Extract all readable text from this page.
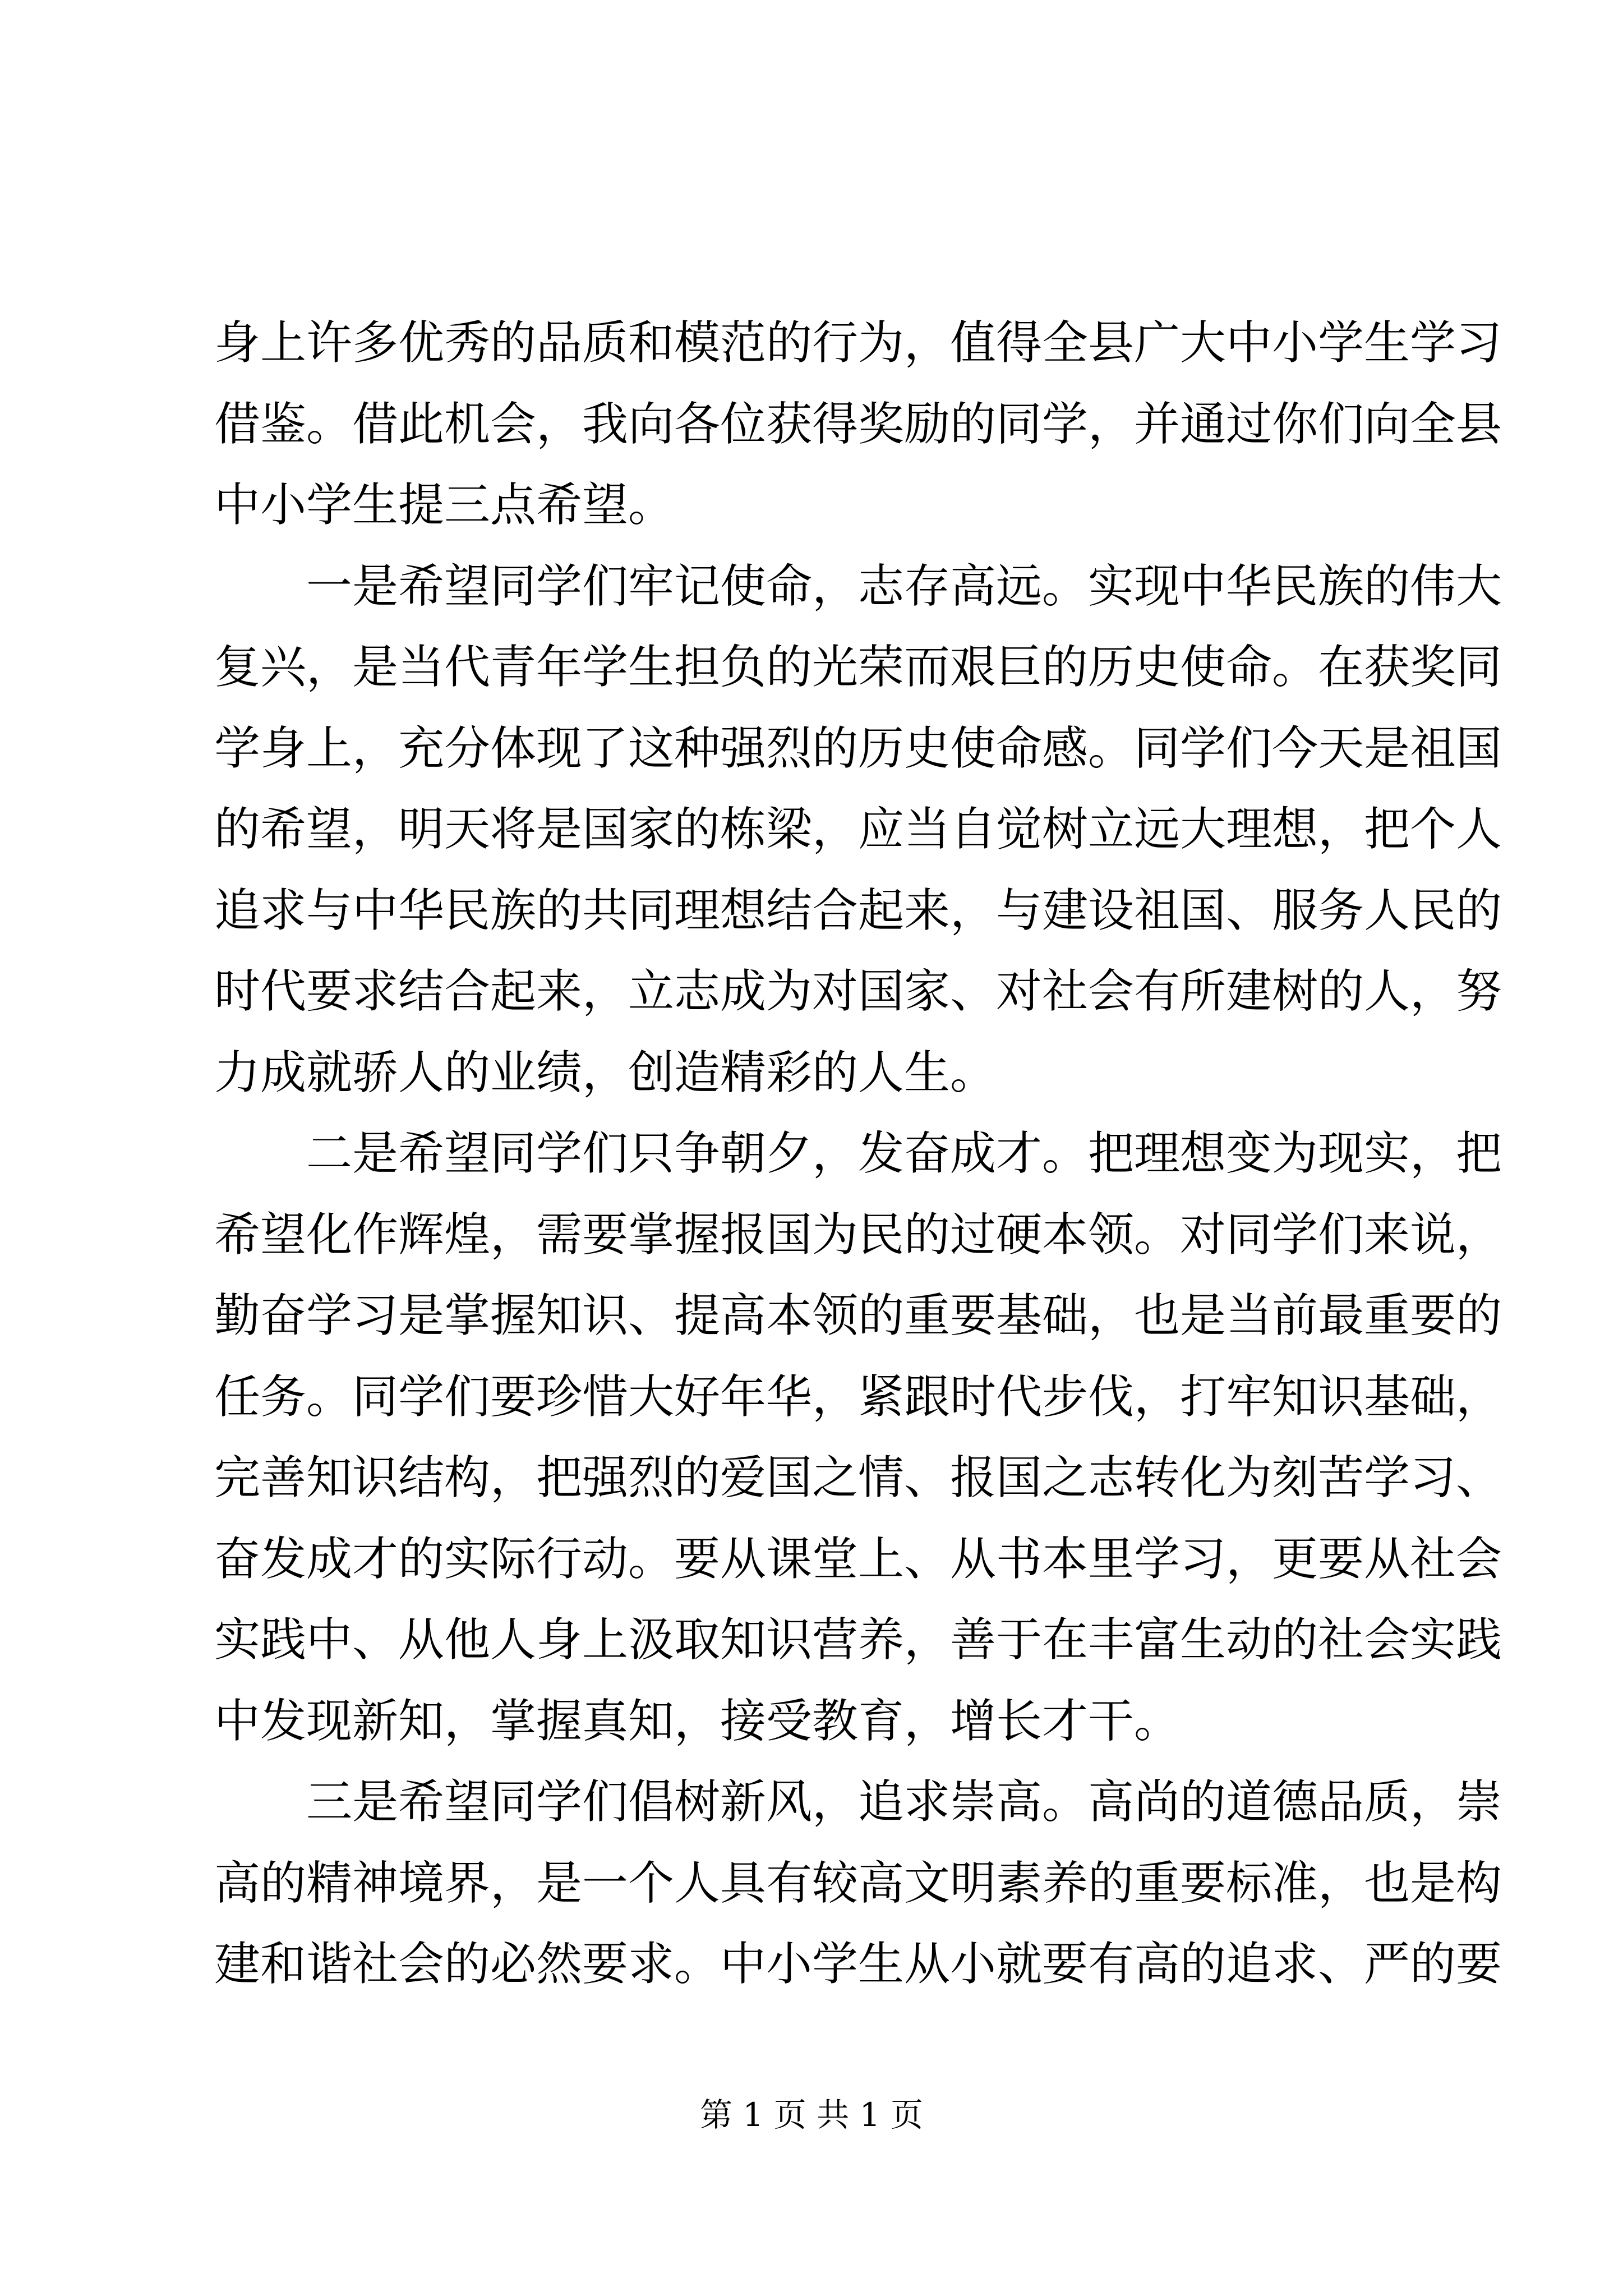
身上许多优秀的品质和模范的行为，值得全县广大中小学生学习
借鉴。借此机会，我向各位获得奖励的同学，并通过你们向全县
中小学生提三点希望。
一是希望同学们牢记使命，志存高远。实现中华民族的伟大
复兴，是当代青年学生担负的光荣而艰巨的历史使命。在获奖同
学身上，充分体现了这种强烈的历史使命感。同学们今天是祖国
的希望，明天将是国家的栋梁，应当自觉树立远大理想，把个人
追求与中华民族的共同理想结合起来，与建设祖国、服务人民的
时代要求结合起来，立志成为对国家、对社会有所建树的人，努
力成就骄人的业绩，创造精彩的人生。
二是希望同学们只争朝夕，发奋成才。把理想变为现实，把
希望化作辉煌，需要掌握报国为民的过硬本领。对同学们来说，
勤奋学习是掌握知识、提高本领的重要基础，也是当前最重要的
任务。同学们要珍惜大好年华，紧跟时代步伐，打牢知识基础，
完善知识结构，把强烈的爱国之情、报国之志转化为刻苦学习、
奋发成才的实际行动。要从课堂上、从书本里学习，更要从社会
实践中、从他人身上汲取知识营养，善于在丰富生动的社会实践
中发现新知，掌握真知，接受教育，增长才干。
三是希望同学们倡树新风，追求崇高。高尚的道德品质，崇
高的精神境界，是一个人具有较高文明素养的重要标准，也是构
建和谐社会的必然要求。中小学生从小就要有高的追求、严的要
第 1 页 共 1 页
